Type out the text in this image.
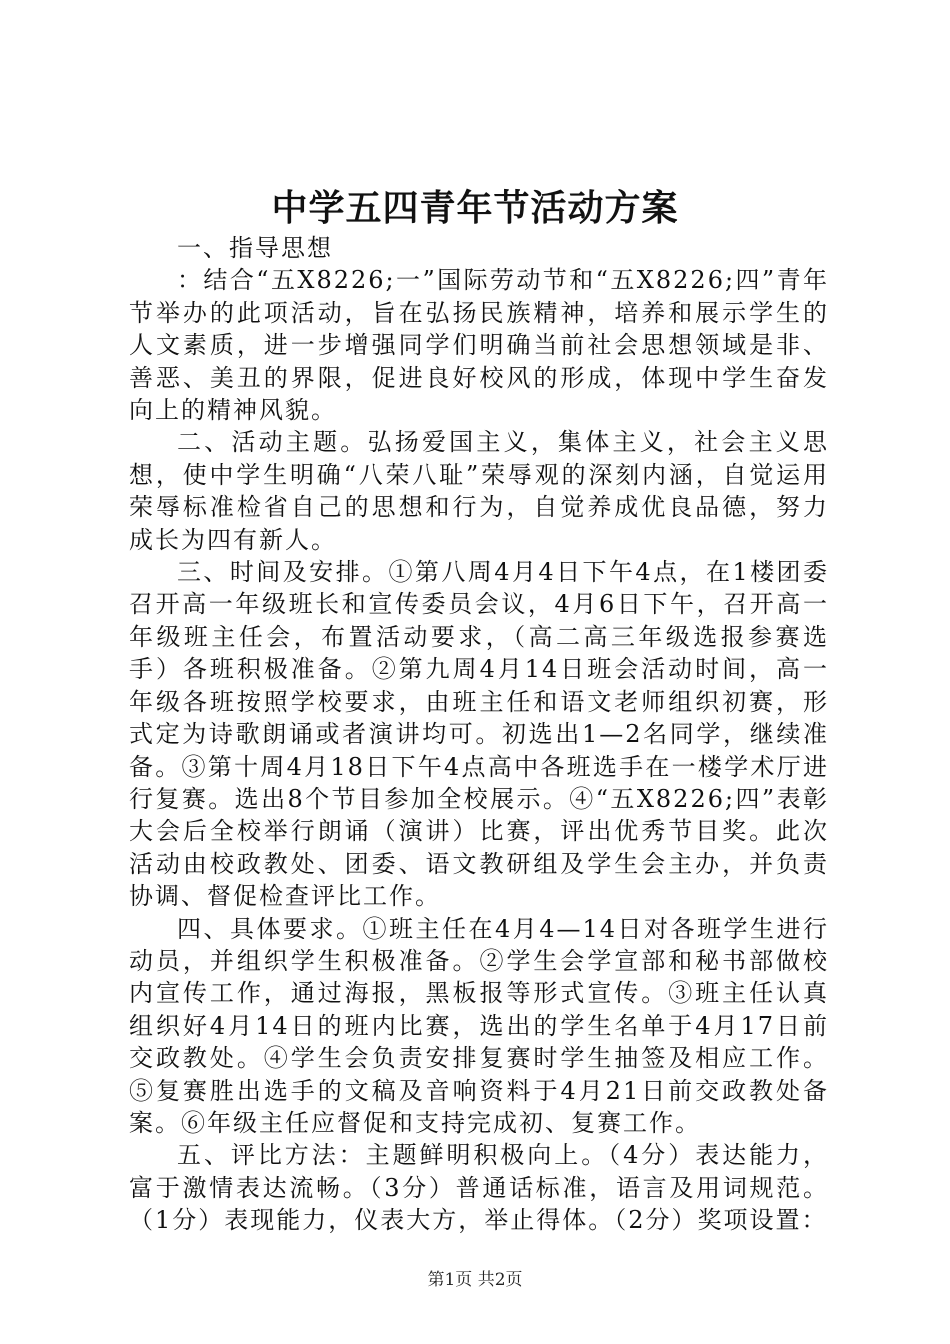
中学五四青年节活动方案

一、指导思想

：结合“五X8226;一”国际劳动节和“五X8226;四”青年节举办的此项活动，旨在弘扬民族精神，培养和展示学生的人文素质，进一步增强同学们明确当前社会思想领域是非、善恶、美丑的界限，促进良好校风的形成，体现中学生奋发向上的精神风貌。

二、活动主题。弘扬爱国主义，集体主义，社会主义思想，使中学生明确“八荣八耻”荣辱观的深刻内涵，自觉运用荣辱标准检省自己的思想和行为，自觉养成优良品德，努力成长为四有新人。

三、时间及安排。①第八周4月4日下午4点，在1楼团委召开高一年级班长和宣传委员会议，4月6日下午，召开高一年级班主任会，布置活动要求，（高二高三年级选报参赛选手）各班积极准备。②第九周4月14日班会活动时间，高一年级各班按照学校要求，由班主任和语文老师组织初赛，形式定为诗歌朗诵或者演讲均可。初选出1—2名同学，继续准备。③第十周4月18日下午4点高中各班选手在一楼学术厅进行复赛。选出8个节目参加全校展示。④“五X8226;四”表彰大会后全校举行朗诵（演讲）比赛，评出优秀节目奖。此次活动由校政教处、团委、语文教研组及学生会主办，并负责协调、督促检查评比工作。

四、具体要求。①班主任在4月4—14日对各班学生进行动员，并组织学生积极准备。②学生会学宣部和秘书部做校内宣传工作，通过海报，黑板报等形式宣传。③班主任认真组织好4月14日的班内比赛，选出的学生名单于4月17日前交政教处。④学生会负责安排复赛时学生抽签及相应工作。⑤复赛胜出选手的文稿及音响资料于4月21日前交政教处备案。⑥年级主任应督促和支持完成初、复赛工作。

五、评比方法：主题鲜明积极向上。（4分）表达能力，富于激情表达流畅。（3分）普通话标准，语言及用词规范。（1分）表现能力，仪表大方，举止得体。（2分）奖项设置：

第1页 共2页
